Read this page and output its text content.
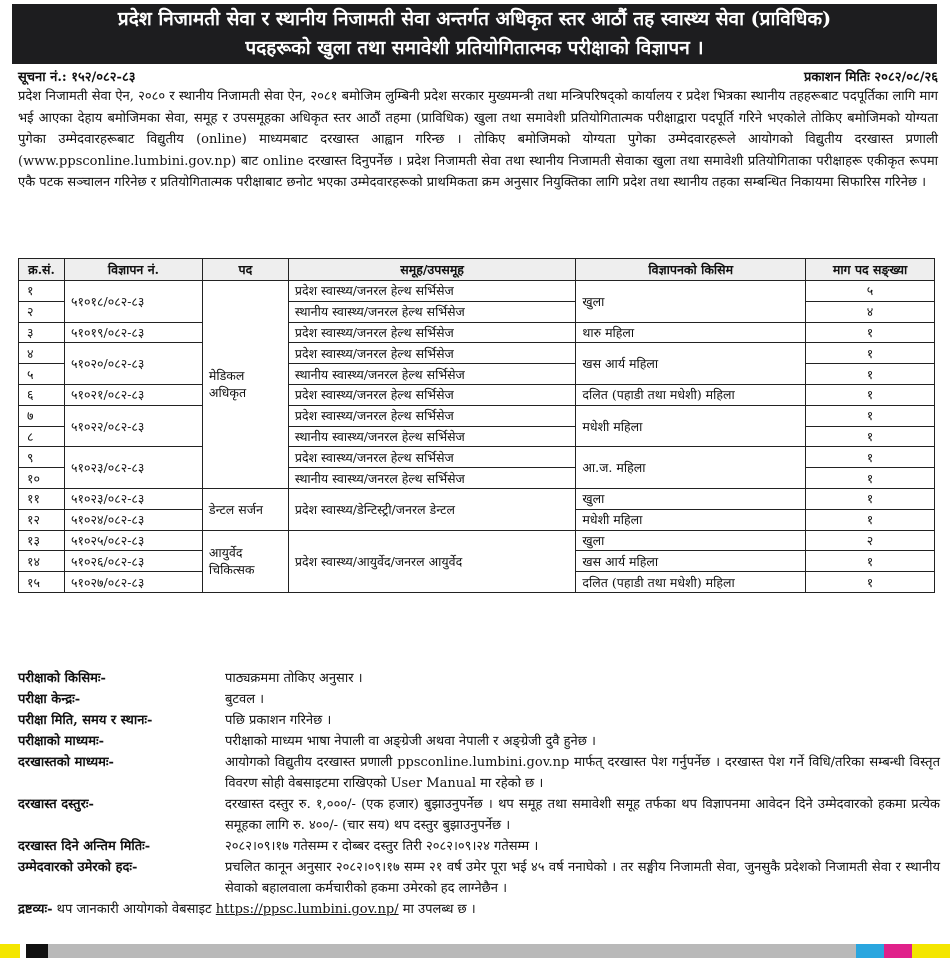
प्रदेश निजामती सेवा र स्थानीय निजामती सेवा अन्तर्गत अधिकृत स्तर आठौं तह स्वास्थ्य सेवा (प्राविधिक)
पदहरूको खुला तथा समावेशी प्रतियोगितात्मक परीक्षाको विज्ञापन ।
सूचना नं.: १५२/०८२-८३	प्रकाशन मितिः २०८२/०८/२६
प्रदेश निजामती सेवा ऐन, २०८० र स्थानीय निजामती सेवा ऐन, २०८१ बमोजिम लुम्बिनी प्रदेश सरकार मुख्यमन्त्री तथा मन्त्रिपरिषद्को कार्यालय र प्रदेश भित्रका स्थानीय तहहरूबाट पदपूर्तिका लागि माग भई आएका देहाय बमोजिमका सेवा, समूह र उपसमूहका अधिकृत स्तर आठौं तहमा (प्राविधिक) खुला तथा समावेशी प्रतियोगितात्मक परीक्षाद्वारा पदपूर्ति गरिने भएकोले तोकिए बमोजिमको योग्यता पुगेका उम्मेदवारहरूबाट विद्युतीय (online) माध्यमबाट दरखास्त आह्वान गरिन्छ । तोकिए बमोजिमको योग्यता पुगेका उम्मेदवारहरूले आयोगको विद्युतीय दरखास्त प्रणाली (www.ppsconline.lumbini.gov.np) बाट online दरखास्त दिनुपर्नेछ । प्रदेश निजामती सेवा तथा स्थानीय निजामती सेवाका खुला तथा समावेशी प्रतियोगिताका परीक्षाहरू एकीकृत रूपमा एकै पटक सञ्चालन गरिनेछ र प्रतियोगितात्मक परीक्षाबाट छनोट भएका उम्मेदवारहरूको प्राथमिकता क्रम अनुसार नियुक्तिका लागि प्रदेश तथा स्थानीय तहका सम्बन्धित निकायमा सिफारिस गरिनेछ ।
क्र.सं.	विज्ञापन नं.	पद	समूह/उपसमूह	विज्ञापनको किसिम	माग पद सङ्ख्या
१	५१०१८/०८२-८३	मेडिकल अधिकृत	प्रदेश स्वास्थ्य/जनरल हेल्थ सर्भिसेज	खुला	५
२			स्थानीय स्वास्थ्य/जनरल हेल्थ सर्भिसेज		४
३	५१०१९/०८२-८३		प्रदेश स्वास्थ्य/जनरल हेल्थ सर्भिसेज	थारु महिला	१
४	५१०२०/०८२-८३		प्रदेश स्वास्थ्य/जनरल हेल्थ सर्भिसेज	खस आर्य महिला	१
५			स्थानीय स्वास्थ्य/जनरल हेल्थ सर्भिसेज		१
६	५१०२१/०८२-८३		प्रदेश स्वास्थ्य/जनरल हेल्थ सर्भिसेज	दलित (पहाडी तथा मधेशी) महिला	१
७	५१०२२/०८२-८३		प्रदेश स्वास्थ्य/जनरल हेल्थ सर्भिसेज	मधेशी महिला	१
८			स्थानीय स्वास्थ्य/जनरल हेल्थ सर्भिसेज		१
९	५१०२३/०८२-८३		प्रदेश स्वास्थ्य/जनरल हेल्थ सर्भिसेज	आ.ज. महिला	१
१०			स्थानीय स्वास्थ्य/जनरल हेल्थ सर्भिसेज		१
११	५१०२३/०८२-८३	डेन्टल सर्जन	प्रदेश स्वास्थ्य/डेन्टिस्ट्री/जनरल डेन्टल	खुला	१
१२	५१०२४/०८२-८३			मधेशी महिला	१
१३	५१०२५/०८२-८३	आयुर्वेद चिकित्सक	प्रदेश स्वास्थ्य/आयुर्वेद/जनरल आयुर्वेद	खुला	२
१४	५१०२६/०८२-८३			खस आर्य महिला	१
१५	५१०२७/०८२-८३			दलित (पहाडी तथा मधेशी) महिला	१
परीक्षाको किसिमः-	पाठ्यक्रममा तोकिए अनुसार ।
परीक्षा केन्द्रः-	बुटवल ।
परीक्षा मिति, समय र स्थानः-	पछि प्रकाशन गरिनेछ ।
परीक्षाको माध्यमः-	परीक्षाको माध्यम भाषा नेपाली वा अङ्ग्रेजी अथवा नेपाली र अङ्ग्रेजी दुवै हुनेछ ।
दरखास्तको माध्यमः-	आयोगको विद्युतीय दरखास्त प्रणाली ppsconline.lumbini.gov.np मार्फत् दरखास्त पेश गर्नुपर्नेछ । दरखास्त पेश गर्ने विधि/तरिका सम्बन्धी विस्तृत विवरण सोही वेबसाइटमा राखिएको User Manual मा रहेको छ ।
दरखास्त दस्तुरः-	दरखास्त दस्तुर रु. १,०००/- (एक हजार) बुझाउनुपर्नेछ । थप समूह तथा समावेशी समूह तर्फका थप विज्ञापनमा आवेदन दिने उम्मेदवारको हकमा प्रत्येक समूहका लागि रु. ४००/- (चार सय) थप दस्तुर बुझाउनुपर्नेछ ।
दरखास्त दिने अन्तिम मितिः-	२०८२।०९।१७ गतेसम्म र दोब्बर दस्तुर तिरी २०८२।०९।२४ गतेसम्म ।
उम्मेदवारको उमेरको हदः-	प्रचलित कानून अनुसार २०८२।०९।१७ सम्म २१ वर्ष उमेर पूरा भई ४५ वर्ष ननाघेको । तर सङ्घीय निजामती सेवा, जुनसुकै प्रदेशको निजामती सेवा र स्थानीय सेवाको बहालवाला कर्मचारीको हकमा उमेरको हद लाग्नेछैन ।
द्रष्टव्यः- थप जानकारी आयोगको वेबसाइट https://ppsc.lumbini.gov.np/ मा उपलब्ध छ ।
